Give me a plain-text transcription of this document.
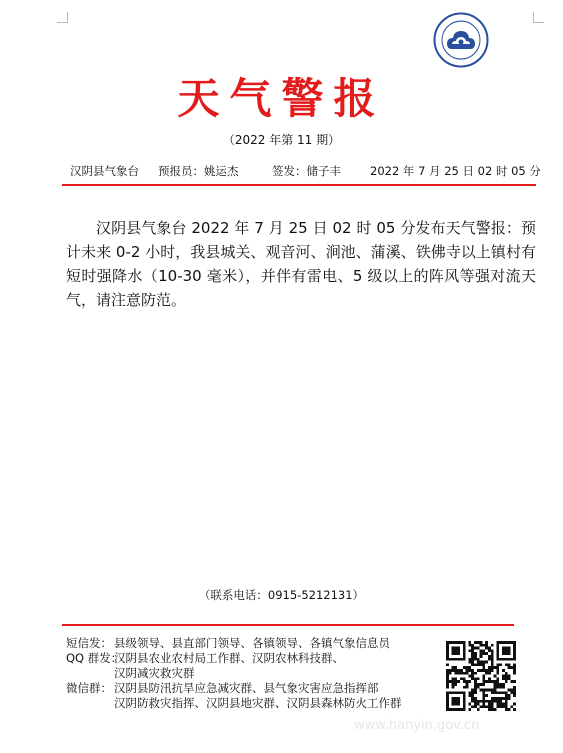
天气警报
（2022 年第 11 期）
汉阴县气象台 预报员：姚运杰	签发：储子丰	2022 年 7 月 25 日 02 时 05 分
汉阴县气象台 2022 年 7 月 25 日 02 时 05 分发布天气警报：预计未来 0-2 小时，我县城关、观音河、涧池、蒲溪、铁佛寺以上镇村有短时强降水（10-30 毫米），并伴有雷电、5 级以上的阵风等强对流天气，请注意防范。
（联系电话：0915-5212131）
短信发： 县级领导、县直部门领导、各镇领导、各镇气象信息员
QQ 群发：
汉阴县农业农村局工作群、汉阴农林科技群、
汉阴减灾救灾群
微信群： 汉阴县防汛抗旱应急减灾群、县气象灾害应急指挥部
汉阴防救灾指挥、汉阴县地灾群、汉阴县森林防火工作群
www.hanyin.gov.cn
